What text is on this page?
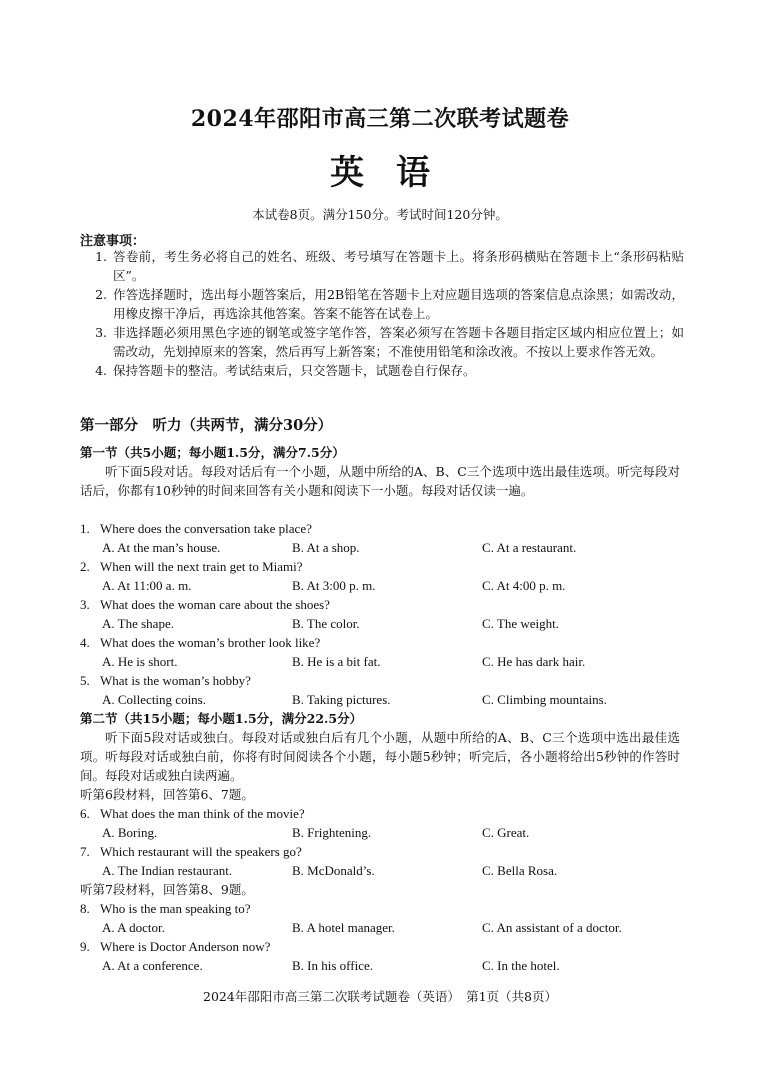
2024年邵阳市高三第二次联考试题卷
英语
本试卷8页。满分150分。考试时间120分钟。
注意事项：
1. 答卷前，考生务必将自己的姓名、班级、考号填写在答题卡上。将条形码横贴在答题卡上“条形码粘贴区”。
2. 作答选择题时，选出每小题答案后，用2B铅笔在答题卡上对应题目选项的答案信息点涂黑；如需改动，用橡皮擦干净后，再选涂其他答案。答案不能答在试卷上。
3. 非选择题必须用黑色字迹的钢笔或签字笔作答，答案必须写在答题卡各题目指定区域内相应位置上；如需改动，先划掉原来的答案，然后再写上新答案；不准使用铅笔和涂改液。不按以上要求作答无效。
4. 保持答题卡的整洁。考试结束后，只交答题卡，试题卷自行保存。
第一部分　听力（共两节，满分30分）
第一节（共5小题；每小题1.5分，满分7.5分）
听下面5段对话。每段对话后有一个小题，从题中所给的A、B、C三个选项中选出最佳选项。听完每段对话后，你都有10秒钟的时间来回答有关小题和阅读下一小题。每段对话仅读一遍。
1. Where does the conversation take place?
A. At the man’s house.	B. At a shop.	C. At a restaurant.
2. When will the next train get to Miami?
A. At 11:00 a. m.	B. At 3:00 p. m.	C. At 4:00 p. m.
3. What does the woman care about the shoes?
A. The shape.	B. The color.	C. The weight.
4. What does the woman’s brother look like?
A. He is short.	B. He is a bit fat.	C. He has dark hair.
5. What is the woman’s hobby?
A. Collecting coins.	B. Taking pictures.	C. Climbing mountains.
第二节（共15小题；每小题1.5分，满分22.5分）
听下面5段对话或独白。每段对话或独白后有几个小题，从题中所给的A、B、C三个选项中选出最佳选项。听每段对话或独白前，你将有时间阅读各个小题，每小题5秒钟；听完后，各小题将给出5秒钟的作答时间。每段对话或独白读两遍。
听第6段材料，回答第6、7题。
6. What does the man think of the movie?
A. Boring.	B. Frightening.	C. Great.
7. Which restaurant will the speakers go?
A. The Indian restaurant.	B. McDonald’s.	C. Bella Rosa.
听第7段材料，回答第8、9题。
8. Who is the man speaking to?
A. A doctor.	B. A hotel manager.	C. An assistant of a doctor.
9. Where is Doctor Anderson now?
A. At a conference.	B. In his office.	C. In the hotel.
2024年邵阳市高三第二次联考试题卷（英语）　第1页（共8页）
